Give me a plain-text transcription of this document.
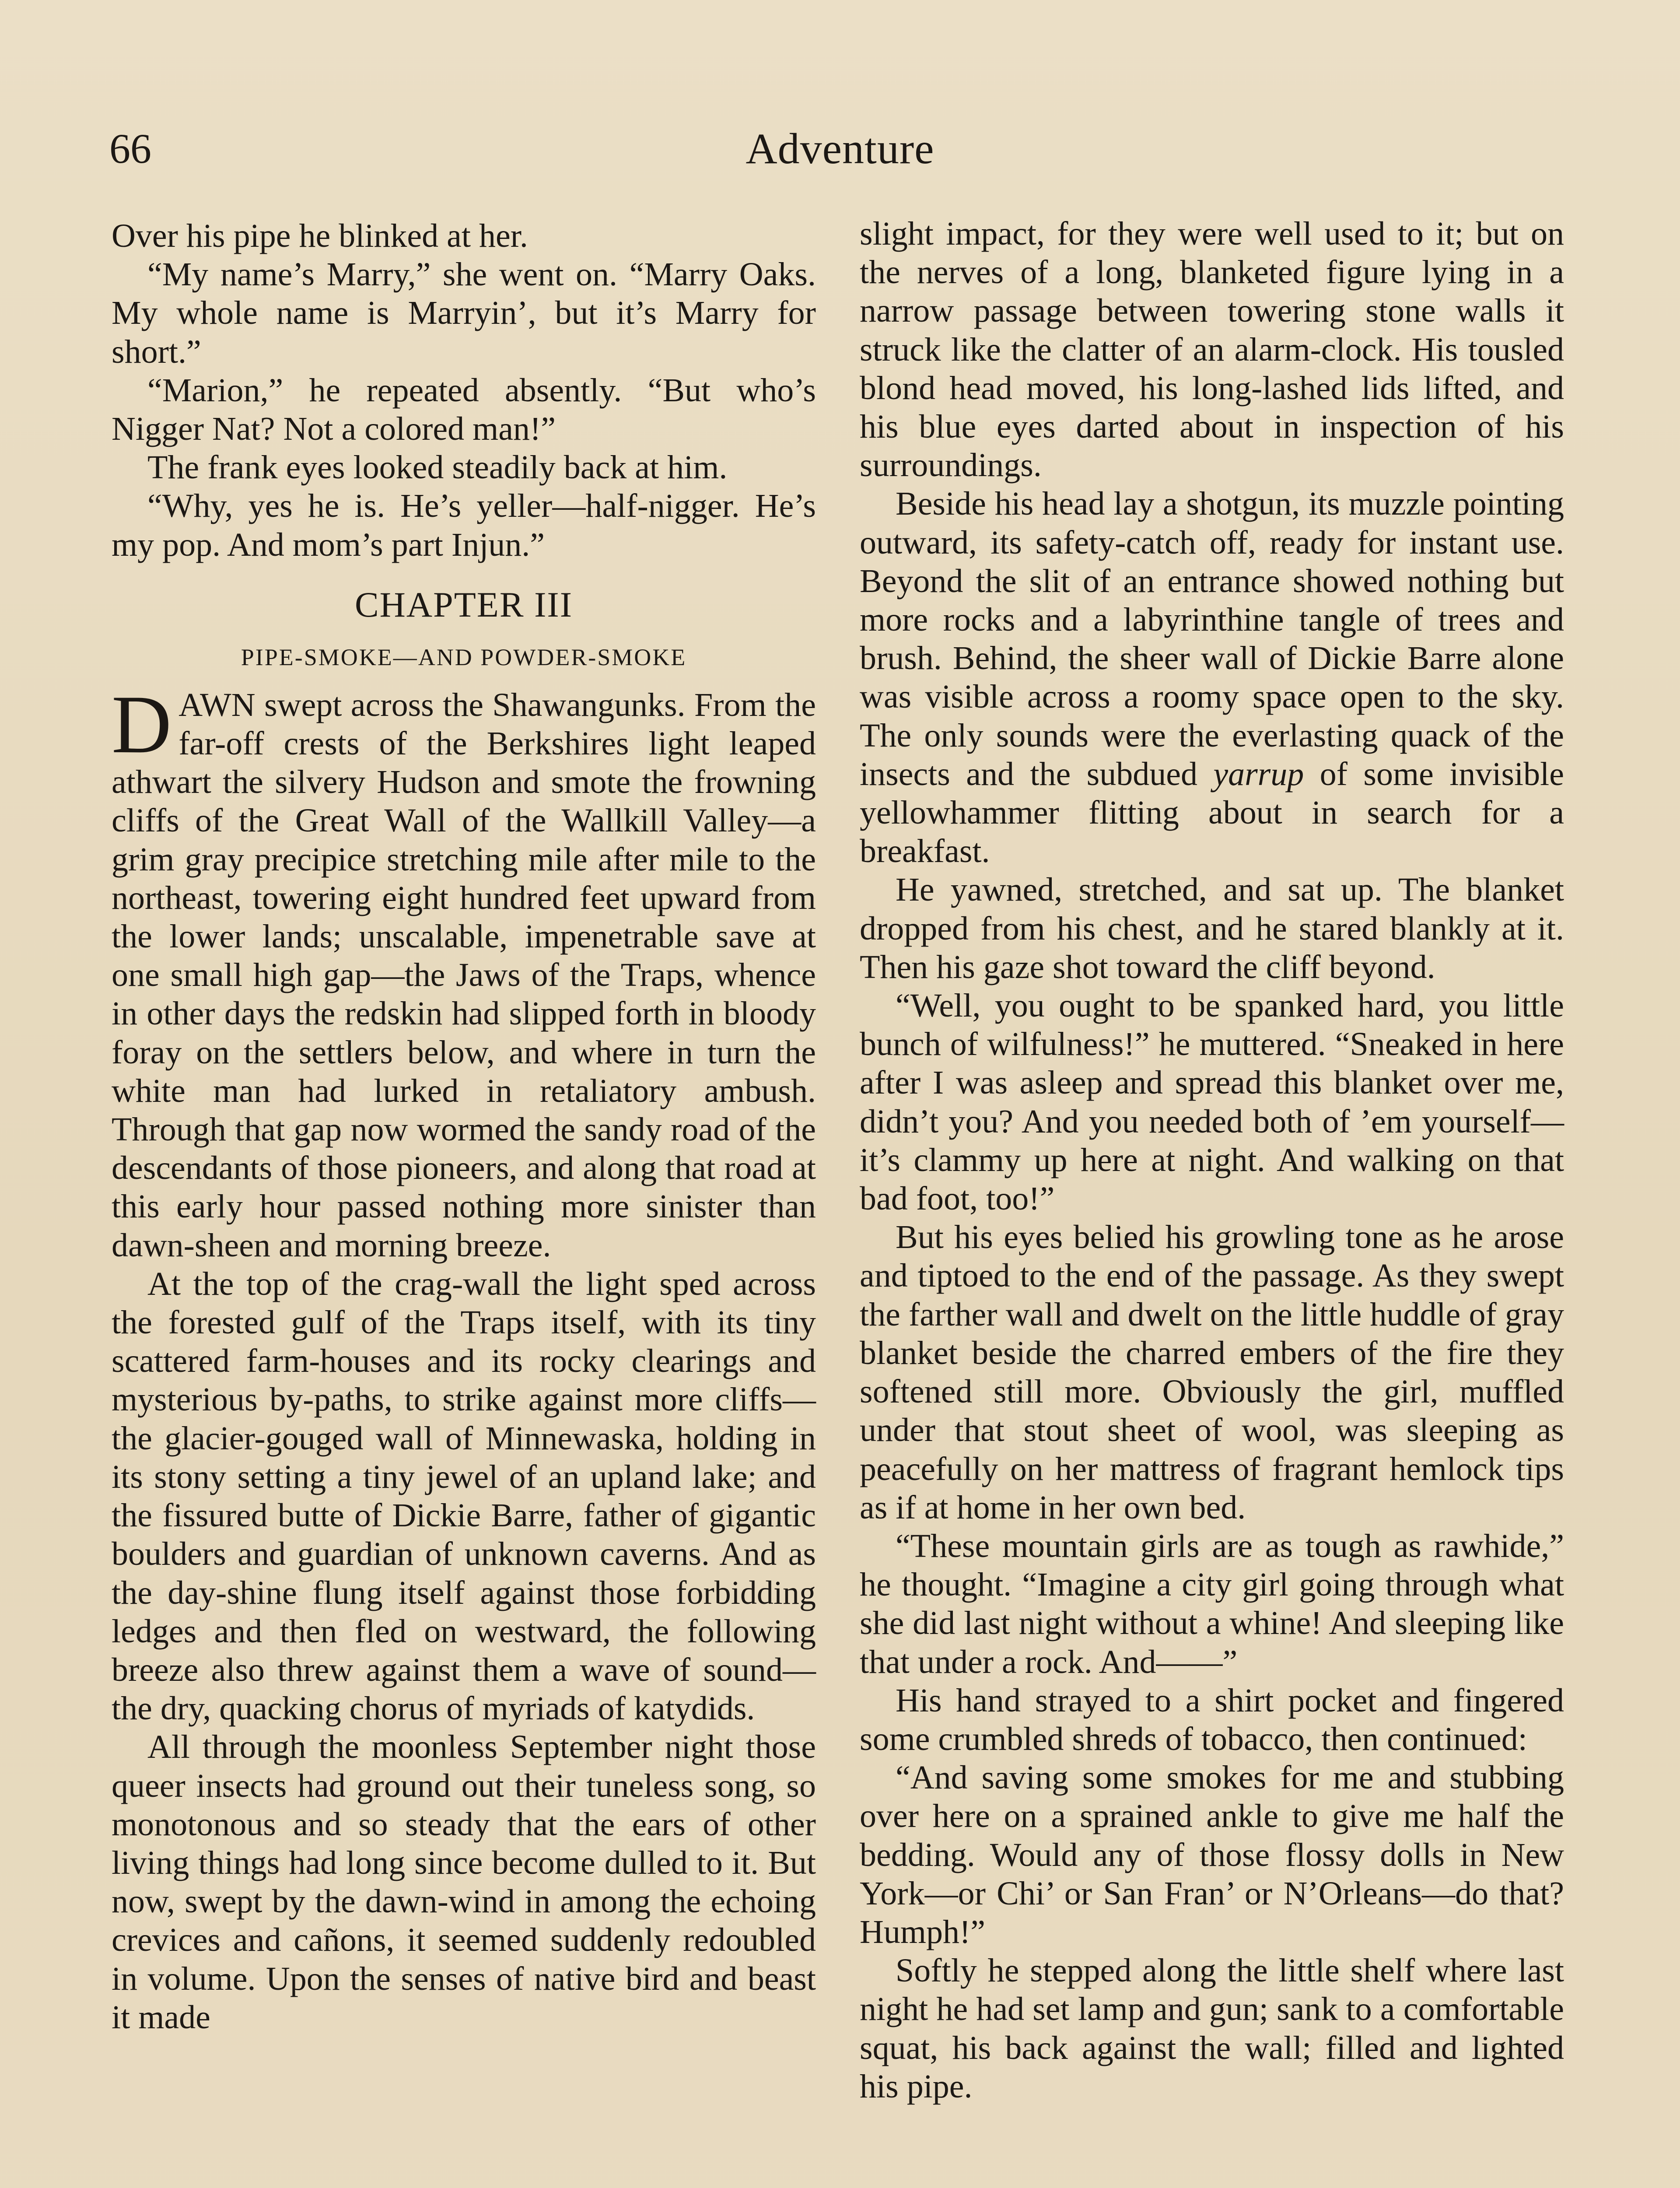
66	Adventure

Over his pipe he blinked at her.

“My name’s Marry,” she went on. “Marry Oaks. My whole name is Marryin’, but it’s Marry for short.”

“Marion,” he repeated absently. “But who’s Nigger Nat? Not a colored man!”

The frank eyes looked steadily back at him.

“Why, yes he is. He’s yeller—half-nigger. He’s my pop. And mom’s part Injun.”

CHAPTER III
PIPE-SMOKE—AND POWDER-SMOKE

DAWN swept across the Shawangunks. From the far-off crests of the Berkshires light leaped athwart the silvery Hudson and smote the frowning cliffs of the Great Wall of the Wallkill Valley—a grim gray precipice stretching mile after mile to the northeast, towering eight hundred feet upward from the lower lands; unscalable, impenetrable save at one small high gap—the Jaws of the Traps, whence in other days the redskin had slipped forth in bloody foray on the settlers below, and where in turn the white man had lurked in retaliatory ambush. Through that gap now wormed the sandy road of the descendants of those pioneers, and along that road at this early hour passed nothing more sinister than dawn-sheen and morning breeze.

At the top of the crag-wall the light sped across the forested gulf of the Traps itself, with its tiny scattered farm-houses and its rocky clearings and mysterious by-paths, to strike against more cliffs—the glacier-gouged wall of Minnewaska, holding in its stony setting a tiny jewel of an upland lake; and the fissured butte of Dickie Barre, father of gigantic boulders and guardian of unknown caverns. And as the day-shine flung itself against those forbidding ledges and then fled on westward, the following breeze also threw against them a wave of sound—the dry, quacking chorus of myriads of katydids.

All through the moonless September night those queer insects had ground out their tuneless song, so monotonous and so steady that the ears of other living things had long since become dulled to it. But now, swept by the dawn-wind in among the echoing crevices and cañons, it seemed suddenly redoubled in volume. Upon the senses of native bird and beast it made

slight impact, for they were well used to it; but on the nerves of a long, blanketed figure lying in a narrow passage between towering stone walls it struck like the clatter of an alarm-clock. His tousled blond head moved, his long-lashed lids lifted, and his blue eyes darted about in inspection of his surroundings.

Beside his head lay a shotgun, its muzzle pointing outward, its safety-catch off, ready for instant use. Beyond the slit of an entrance showed nothing but more rocks and a labyrinthine tangle of trees and brush. Behind, the sheer wall of Dickie Barre alone was visible across a roomy space open to the sky. The only sounds were the everlasting quack of the insects and the subdued yarrup of some invisible yellowhammer flitting about in search for a breakfast.

He yawned, stretched, and sat up. The blanket dropped from his chest, and he stared blankly at it. Then his gaze shot toward the cliff beyond.

“Well, you ought to be spanked hard, you little bunch of wilfulness!” he muttered. “Sneaked in here after I was asleep and spread this blanket over me, didn’t you? And you needed both of ’em yourself—it’s clammy up here at night. And walking on that bad foot, too!”

But his eyes belied his growling tone as he arose and tiptoed to the end of the passage. As they swept the farther wall and dwelt on the little huddle of gray blanket beside the charred embers of the fire they softened still more. Obviously the girl, muffled under that stout sheet of wool, was sleeping as peacefully on her mattress of fragrant hemlock tips as if at home in her own bed.

“These mountain girls are as tough as rawhide,” he thought. “Imagine a city girl going through what she did last night without a whine! And sleeping like that under a rock. And——”

His hand strayed to a shirt pocket and fingered some crumbled shreds of tobacco, then continued:

“And saving some smokes for me and stubbing over here on a sprained ankle to give me half the bedding. Would any of those flossy dolls in New York—or Chi’ or San Fran’ or N’Orleans—do that? Humph!”

Softly he stepped along the little shelf where last night he had set lamp and gun; sank to a comfortable squat, his back against the wall; filled and lighted his pipe.
